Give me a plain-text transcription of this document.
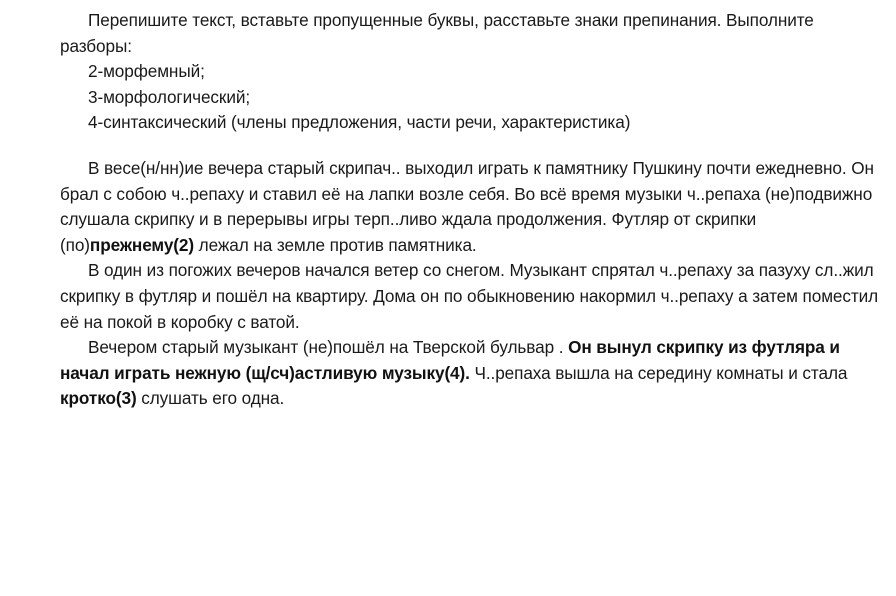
Перепишите текст, вставьте пропущенные буквы, расставьте знаки препинания. Выполните разборы:

2-морфемный;

3-морфологический;

4-синтаксический (члены предложения, части речи, характеристика)

В весе(н/нн)ие вечера старый скрипач.. выходил играть к памятнику Пушкину почти ежедневно. Он брал с собою ч..репаху и ставил её на лапки возле себя. Во всё время музыки ч..репаха (не)подвижно слушала скрипку и в перерывы игры терп..ливо ждала продолжения. Футляр от скрипки (по)прежнему(2) лежал на земле против памятника.

В один из погожих вечеров начался ветер со снегом. Музыкант спрятал ч..репаху за пазуху сл..жил скрипку в футляр и пошёл на квартиру. Дома он по обыкновению накормил ч..репаху а затем поместил её на покой в коробку с ватой.

Вечером старый музыкант (не)пошёл на Тверской бульвар . Он вынул скрипку из футляра и начал играть нежную (щ/сч)астливую музыку(4). Ч..репаха вышла на середину комнаты и стала кротко(3) слушать его одна.
